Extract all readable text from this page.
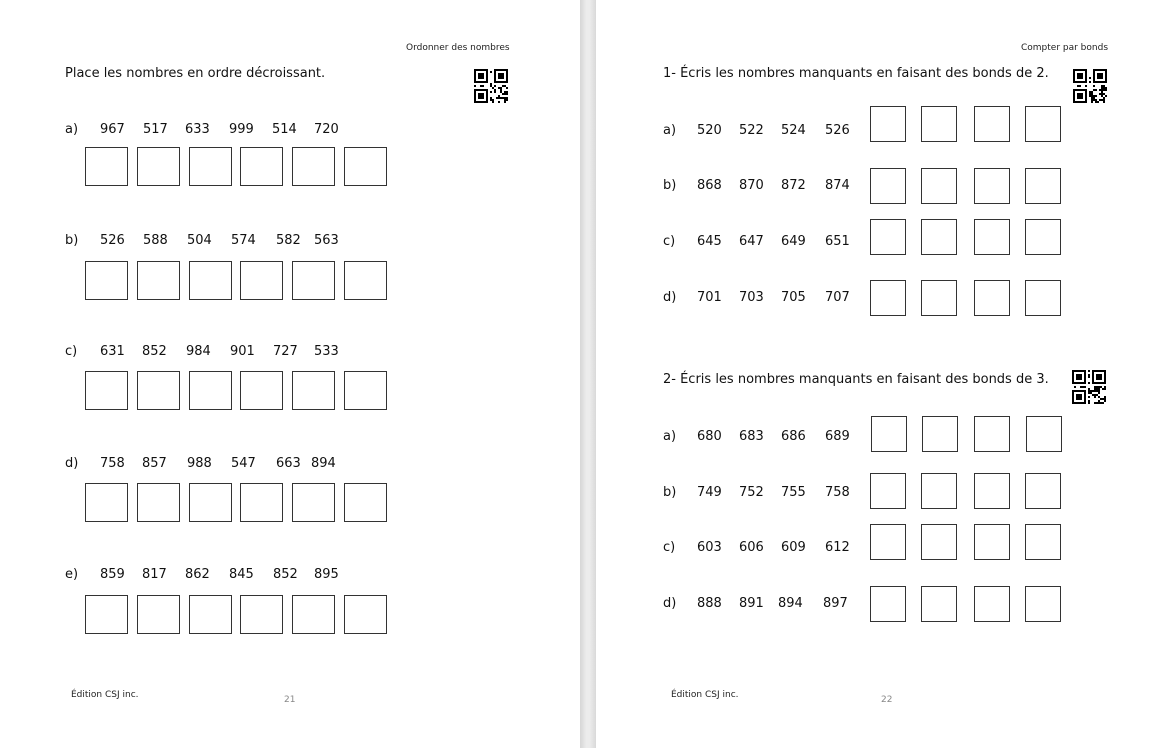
Ordonner des nombres
Place les nombres en ordre décroissant.
a) 967 517 633 999 514 720
b) 526 588 504 574 582 563
c) 631 852 984 901 727 533
d) 758 857 988 547 663 894
e) 859 817 862 845 852 895
Édition CSJ inc.	21
Compter par bonds
1- Écris les nombres manquants en faisant des bonds de 2.
a) 520 522 524 526
b) 868 870 872 874
c) 645 647 649 651
d) 701 703 705 707
2- Écris les nombres manquants en faisant des bonds de 3.
a) 680 683 686 689
b) 749 752 755 758
c) 603 606 609 612
d) 888 891 894 897
Édition CSJ inc.	22
